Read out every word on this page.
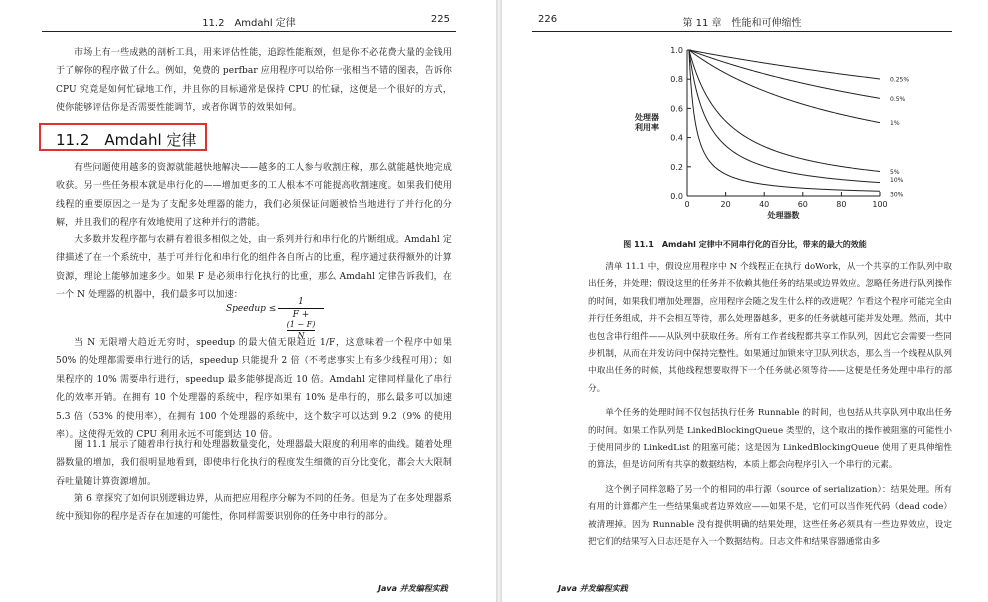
11.2　Amdahl 定律	225

市场上有一些成熟的剖析工具，用来评估性能，追踪性能瓶颈，但是你不必花费大量的金钱用于了解你的程序做了什么。例如，免费的 perfbar 应用程序可以给你一张相当不错的图表，告诉你 CPU 究竟是如何忙碌地工作，并且你的目标通常是保持 CPU 的忙碌，这便是一个很好的方式，使你能够评估你是否需要性能调节，或者你调节的效果如何。

11.2　Amdahl 定律

有些问题使用越多的资源就能越快地解决——越多的工人参与收割庄稼，那么就能越快地完成收获。另一些任务根本就是串行化的——增加更多的工人根本不可能提高收割速度。如果我们使用线程的重要原因之一是为了支配多处理器的能力，我们必须保证问题被恰当地进行了并行化的分解，并且我们的程序有效地使用了这种并行的潜能。

大多数并发程序都与农耕有着很多相似之处，由一系列并行和串行化的片断组成。Amdahl 定律描述了在一个系统中，基于可并行化和串行化的组件各自所占的比重，程序通过获得额外的计算资源，理论上能够加速多少。如果 F 是必须串行化执行的比重，那么 Amdahl 定律告诉我们，在一个 N 处理器的机器中，我们最多可以加速：

Speedup ≤ 1
F +
$\frac{(1 - F)}{N}$

当 N 无限增大趋近无穷时，speedup 的最大值无限趋近 1/F，这意味着一个程序中如果 50% 的处理都需要串行进行的话，speedup 只能提升 2 倍（不考虑事实上有多少线程可用）；如果程序的 10% 需要串行进行，speedup 最多能够提高近 10 倍。Amdahl 定律同样量化了串行化的效率开销。在拥有 10 个处理器的系统中，程序如果有 10% 是串行的，那么最多可以加速 5.3 倍（53% 的使用率），在拥有 100 个处理器的系统中，这个数字可以达到 9.2（9% 的使用率）。这使得无效的 CPU 利用永远不可能到达 10 倍。

图 11.1 展示了随着串行执行和处理器数量变化，处理器最大限度的利用率的曲线。随着处理器数量的增加，我们很明显地看到，即使串行化执行的程度发生细微的百分比变化，都会大大限制吞吐量随计算资源增加。

第 6 章探究了如何识别逻辑边界，从而把应用程序分解为不同的任务。但是为了在多处理器系统中预知你的程序是否存在加速的可能性，你同样需要识别你的任务中串行的部分。

Java 并发编程实践
226	第 11 章　性能和可伸缩性
0.0
0.2
0.4
0.6
0.8
1.0
0	20	40	60	80	100
处理器数
处理器
利用率
0.25%
0.5%
1%
5%
10%
30%
图 11.1　Amdahl 定律中不同串行化的百分比，带来的最大的效能

清单 11.1 中，假设应用程序中 N 个线程正在执行 doWork，从一个共享的工作队列中取出任务，并处理；假设这里的任务并不依赖其他任务的结果或边界效应。忽略任务进行队列操作的时间，如果我们增加处理器，应用程序会随之发生什么样的改进呢？乍看这个程序可能完全由并行任务组成，并不会相互等待，那么处理器越多，更多的任务就越可能并发处理。然而，其中也包含串行组件——从队列中获取任务。所有工作者线程都共享工作队列，因此它会需要一些同步机制，从而在并发访问中保持完整性。如果通过加锁来守卫队列状态，那么当一个线程从队列中取出任务的时候，其他线程想要取得下一个任务就必须等待——这便是任务处理中串行的部分。

单个任务的处理时间不仅包括执行任务 Runnable 的时间，也包括从共享队列中取出任务的时间。如果工作队列是 LinkedBlockingQueue 类型的，这个取出的操作被阻塞的可能性小于使用同步的 LinkedList 的阻塞可能；这是因为 LinkedBlockingQueue 使用了更具伸缩性的算法，但是访问所有共享的数据结构，本质上都会向程序引入一个串行的元素。

这个例子同样忽略了另一个的相同的串行源（source of serialization）：结果处理。所有有用的计算都产生一些结果集或者边界效应——如果不是，它们可以当作死代码（dead code）被清理掉。因为 Runnable 没有提供明确的结果处理，这些任务必须具有一些边界效应，设定把它们的结果写入日志还是存入一个数据结构。日志文件和结果容器通常由多

Java 并发编程实践
